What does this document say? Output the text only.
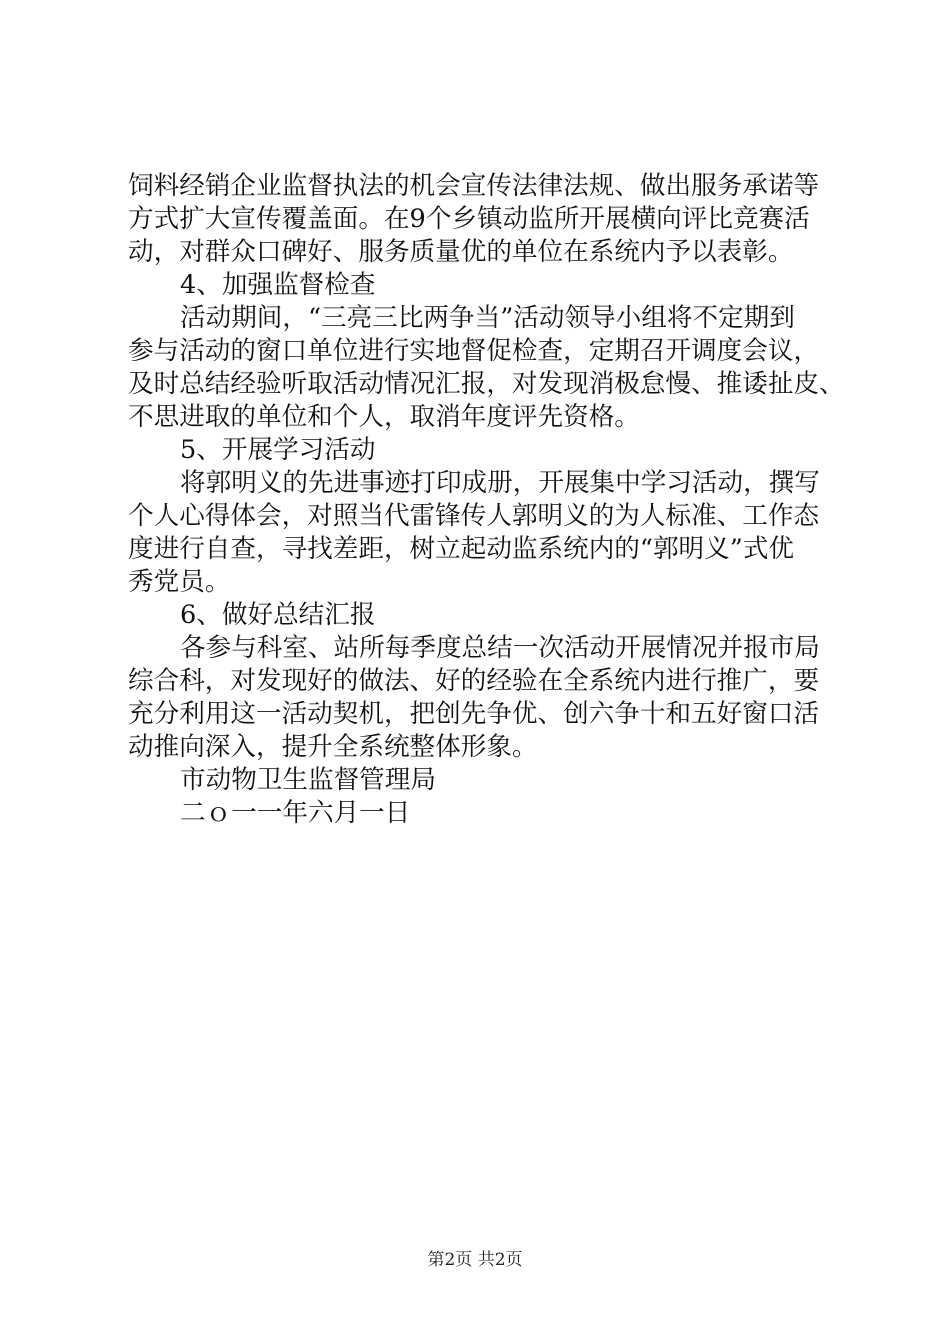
饲料经销企业监督执法的机会宣传法律法规、做出服务承诺等
方式扩大宣传覆盖面。在9个乡镇动监所开展横向评比竞赛活
动，对群众口碑好、服务质量优的单位在系统内予以表彰。
4、加强监督检查
活动期间，“三亮三比两争当”活动领导小组将不定期到
参与活动的窗口单位进行实地督促检查，定期召开调度会议，
及时总结经验听取活动情况汇报，对发现消极怠慢、推诿扯皮、
不思进取的单位和个人，取消年度评先资格。
5、开展学习活动
将郭明义的先进事迹打印成册，开展集中学习活动，撰写
个人心得体会，对照当代雷锋传人郭明义的为人标准、工作态
度进行自查，寻找差距，树立起动监系统内的“郭明义”式优
秀党员。
6、做好总结汇报
各参与科室、站所每季度总结一次活动开展情况并报市局
综合科，对发现好的做法、好的经验在全系统内进行推广，要
充分利用这一活动契机，把创先争优、创六争十和五好窗口活
动推向深入，提升全系统整体形象。
市动物卫生监督管理局
二ｏ一一年六月一日
第2页 共2页
